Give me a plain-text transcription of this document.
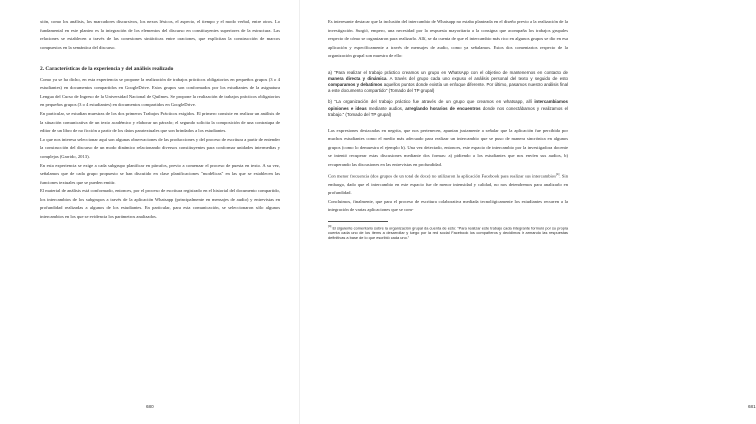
xión, como los análisis, los marcadores discursivos, los nexos léxicos, el aspecto, el tiempo y el modo verbal, entre otros. Lo fundamental en este planteo es la integración de los elementos del discurso en constituyentes superiores de la estructura. Las relaciones se establecen a través de las conexiones sintácticas entre oraciones, que explicitan la construcción de marcos compuestos en la semántica del discurso.

2. Características de la experiencia y del análisis realizado

Como ya se ha dicho, en esta experiencia se propone la realización de trabajos prácticos obligatorios en pequeños grupos (3 o 4 estudiantes) en documentos compartidos en GoogleDrive. Estos grupos son conformados por los estudiantes de la asignatura Lengua del Curso de Ingreso de la Universidad Nacional de Quilmes. Se propone la realización de trabajos prácticos obligatorios en pequeños grupos (3 o 4 estudiantes) en documentos compartidos en GoogleDrive.

En particular, se estudian muestras de los dos primeros Trabajos Prácticos exigidos. El primero consiste en realizar un análisis de la situación comunicativa de un texto académico y elaborar un párrafo; el segundo solicita la composición de una contratapa de editor de un libro de no ficción a partir de los datos paratextuales que son brindados a los estudiantes.

Lo que nos interesa seleccionar aquí son algunas observaciones de las producciones y del proceso de escritura a partir de entender la construcción del discurso de un modo dinámico relacionando diversos constituyentes para conformar unidades intermedias y complejas (Garrido, 2013).

En esta experiencia se exige a cada subgrupo planificar en párrafos, previo a comenzar el proceso de puesta en texto. A su vez, señalamos que de cada grupo propuesto se han discutido en clase planificaciones "modélicas" en las que se establecen las funciones textuales que se pueden emitir.

El material de análisis está conformado, entonces, por el proceso de escritura registrado en el historial del documento compartido, los intercambios de los subgrupos a través de la aplicación Whatsapp (principalmente en mensajes de audio) y entrevistas en profundidad realizadas a algunos de los estudiantes. En particular, para esta comunicación, se seleccionaron sólo algunos intercambios en los que se evidencia los parámetros analizados.

680

Es interesante destacar que la inclusión del intercambio de Whatsapp no estaba planteada en el diseño previo a la realización de la investigación. Surgió, empero, una necesidad por la respuesta mayoritaria a la consigna que acompaña los trabajos grupales respecto de cómo se organizaron para realizarlo. Allí, se da cuenta de que el intercambio más rico en algunos grupos se dio en esa aplicación y específicamente a través de mensajes de audio, como ya señalamos. Estos dos comentarios respecto de la organización grupal son muestra de ello:

a) "Para realizar el trabajo práctico creamos un grupo en WhatsApp con el objetivo de mantenernos en contacto de manera directa y dinámica. A través del grupo cada uno expuso el análisis personal del texto y seguido de esto comparamos y debatimos aquellos puntos donde existía un enfoque diferente. Por último, pasamos nuestro análisis final a este documento compartido" (Tomado del TP grupal)
b) "La organización del trabajo práctico fue através de un grupo que creamos en whatsapp, allí intercambiamos opiniones e ideas mediante audios, arreglando horarios de encuentros donde nos conectábamos y realizamos el trabajo." (Tomado del TP grupal)

Las expresiones destacadas en negrita, que nos pertenecen, apuntan justamente a señalar que la aplicación fue percibida por muchos estudiantes como el medio más adecuado para realizar un intercambio que se puso de manera sincrónica en algunos grupos (como lo demuestra el ejemplo b). Una vez detectado, entonces, este espacio de intercambio por la investigadora docente se intentó recuperar estas discusiones mediante dos formas: a) pidiendo a los estudiantes que nos envíen sus audios, b) recuperando las discusiones en las entrevistas en profundidad.

Con menor frecuencia (dos grupos de un total de doce) no utilizaron la aplicación Facebook para realizar sus intercambios[4]. Sin embargo, dado que el intercambio en este espacio fue de menor intensidad y calidad, no nos detendremos para analizarlo en profundidad.

Concluimos, finalmente, que para el proceso de escritura colaborativa mediada tecnológicamente los estudiantes recurren a la integración de varias aplicaciones que se com-

[4] El siguiente comentario sobre la organización grupal da cuenta de esto: "Para realizar este trabajo cada integrante formuló por su propia cuenta cada uno de los ítems a desarrollar y luego por la red social Facebook los compañeros y decidimos ir armando las respuestas definitivas a base de lo que escribió cada uno."
681
